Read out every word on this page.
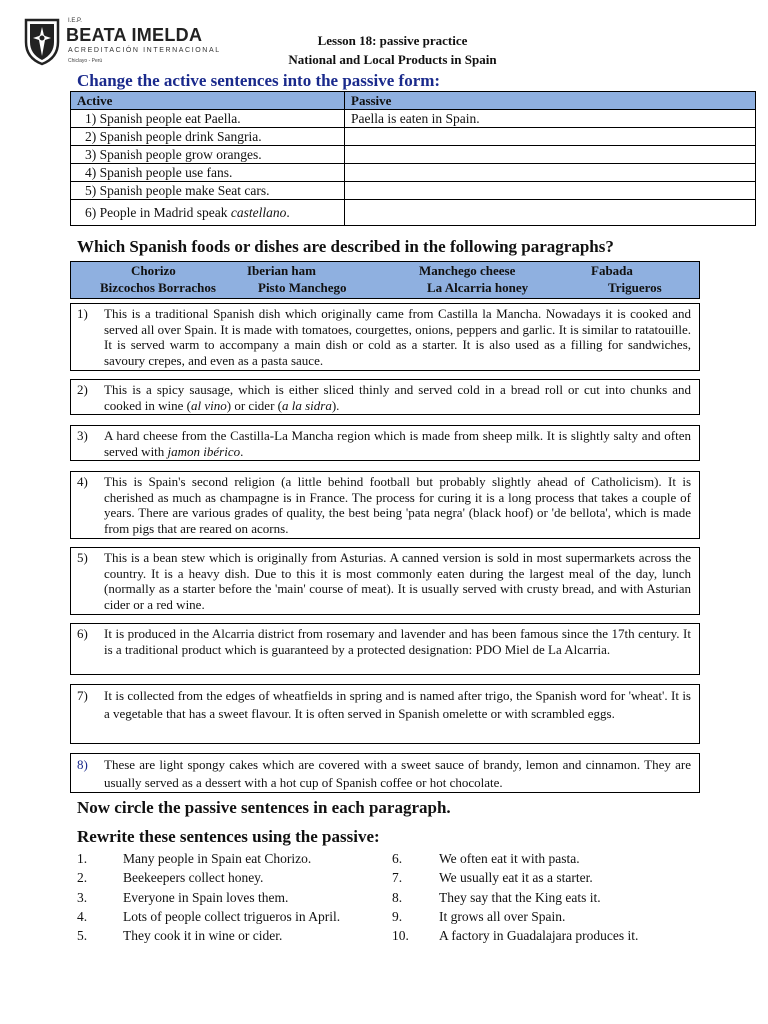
I.E.P.
BEATA IMELDA
ACREDITACIÓN INTERNACIONAL
Chiclayo - Perú
Lesson 18: passive practice
National and Local Products in Spain
Change the active sentences into the passive form:
Active	Passive
1) Spanish people eat Paella.	Paella is eaten in Spain.
2) Spanish people drink Sangria.	
3) Spanish people grow oranges.	
4) Spanish people use fans.	
5) Spanish people make Seat cars.	
6) People in Madrid speak castellano.	
Which Spanish foods or dishes are described in the following paragraphs?
Chorizo	Iberian ham	Manchego cheese	Fabada
Bizcochos Borrachos	Pisto Manchego	La Alcarria honey	Trigueros
1) This is a traditional Spanish dish which originally came from Castilla la Mancha. Nowadays it is cooked and served all over Spain. It is made with tomatoes, courgettes, onions, peppers and garlic. It is similar to ratatouille. It is served warm to accompany a main dish or cold as a starter. It is also used as a filling for sandwiches, savoury crepes, and even as a pasta sauce.
2) This is a spicy sausage, which is either sliced thinly and served cold in a bread roll or cut into chunks and cooked in wine (al vino) or cider (a la sidra).
3) A hard cheese from the Castilla-La Mancha region which is made from sheep milk. It is slightly salty and often served with jamon ibérico.
4) This is Spain's second religion (a little behind football but probably slightly ahead of Catholicism). It is cherished as much as champagne is in France. The process for curing it is a long process that takes a couple of years. There are various grades of quality, the best being 'pata negra' (black hoof) or 'de bellota', which is made from pigs that are reared on acorns.
5) This is a bean stew which is originally from Asturias. A canned version is sold in most supermarkets across the country. It is a heavy dish. Due to this it is most commonly eaten during the largest meal of the day, lunch (normally as a starter before the 'main' course of meat). It is usually served with crusty bread, and with Asturian cider or a red wine.
6) It is produced in the Alcarria district from rosemary and lavender and has been famous since the 17th century. It is a traditional product which is guaranteed by a protected designation: PDO Miel de La Alcarria.
7) It is collected from the edges of wheatfields in spring and is named after trigo, the Spanish word for 'wheat'. It is a vegetable that has a sweet flavour. It is often served in Spanish omelette or with scrambled eggs.
8) These are light spongy cakes which are covered with a sweet sauce of brandy, lemon and cinnamon. They are usually served as a dessert with a hot cup of Spanish coffee or hot chocolate.
Now circle the passive sentences in each paragraph.
Rewrite these sentences using the passive:
1.	Many people in Spain eat Chorizo.
2.	Beekeepers collect honey.
3.	Everyone in Spain loves them.
4.	Lots of people collect trigueros in April.
5.	They cook it in wine or cider.
6.	We often eat it with pasta.
7.	We usually eat it as a starter.
8.	They say that the King eats it.
9.	It grows all over Spain.
10. A factory in Guadalajara produces it.
